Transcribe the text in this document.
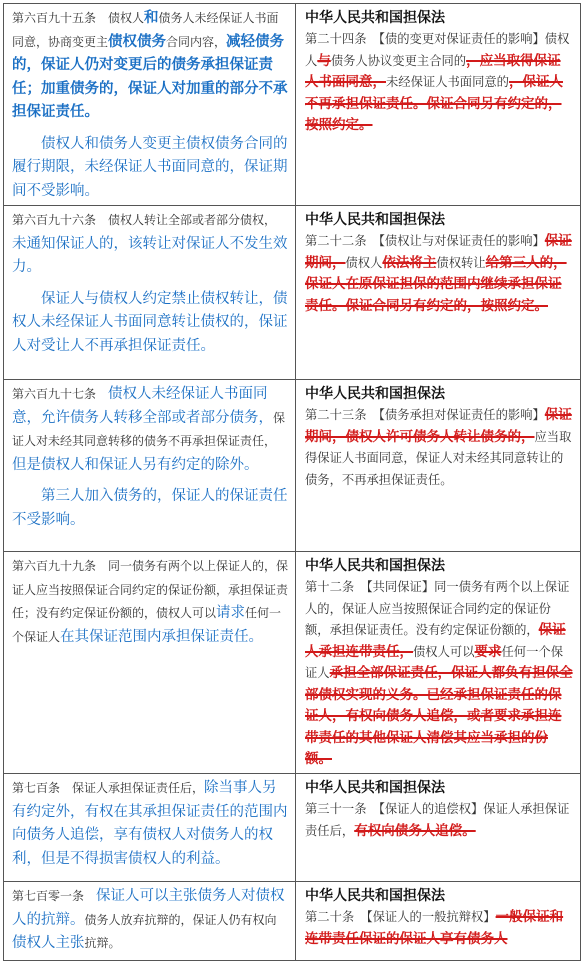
第六百九十五条　债权人和债务人未经保证人书面同意，协商变更主债权债务合同内容，减轻债务的，保证人仍对变更后的债务承担保证责任；加重债务的，保证人对加重的部分不承担保证责任。

债权人和债务人变更主债权债务合同的履行期限，未经保证人书面同意的，保证期间不受影响。

中华人民共和国担保法

第二十四条　【债的变更对保证责任的影响】债权人与债务人协议变更主合同的，应当取得保证人书面同意，未经保证人书面同意的，保证人不再承担保证责任。保证合同另有约定的，按照约定。

第六百九十六条　债权人转让全部或者部分债权，未通知保证人的，该转让对保证人不发生效力。

保证人与债权人约定禁止债权转让，债权人未经保证人书面同意转让债权的，保证人对受让人不再承担保证责任。

中华人民共和国担保法

第二十二条　【债权让与对保证责任的影响】保证期间，债权人依法将主债权转让给第三人的，保证人在原保证担保的范围内继续承担保证责任。保证合同另有约定的，按照约定。

第六百九十七条　债权人未经保证人书面同意，允许债务人转移全部或者部分债务，保证人对未经其同意转移的债务不再承担保证责任，但是债权人和保证人另有约定的除外。

第三人加入债务的，保证人的保证责任不受影响。

中华人民共和国担保法

第二十三条　【债务承担对保证责任的影响】保证期间，债权人许可债务人转让债务的，应当取得保证人书面同意，保证人对未经其同意转让的债务，不再承担保证责任。

第六百九十九条　同一债务有两个以上保证人的，保证人应当按照保证合同约定的保证份额，承担保证责任；没有约定保证份额的，债权人可以请求任何一个保证人在其保证范围内承担保证责任。

中华人民共和国担保法

第十二条　【共同保证】同一债务有两个以上保证人的，保证人应当按照保证合同约定的保证份额，承担保证责任。没有约定保证份额的，保证人承担连带责任，债权人可以要求任何一个保证人承担全部保证责任，保证人都负有担保全部债权实现的义务。已经承担保证责任的保证人，有权向债务人追偿，或者要求承担连带责任的其他保证人清偿其应当承担的份额。

第七百条　保证人承担保证责任后，除当事人另有约定外，有权在其承担保证责任的范围内向债务人追偿，享有债权人对债务人的权利，但是不得损害债权人的利益。

中华人民共和国担保法

第三十一条　【保证人的追偿权】保证人承担保证责任后，有权向债务人追偿。

第七百零一条　保证人可以主张债务人对债权人的抗辩。债务人放弃抗辩的，保证人仍有权向债权人主张抗辩。

中华人民共和国担保法

第二十条　【保证人的一般抗辩权】一般保证和连带责任保证的保证人享有债务人
